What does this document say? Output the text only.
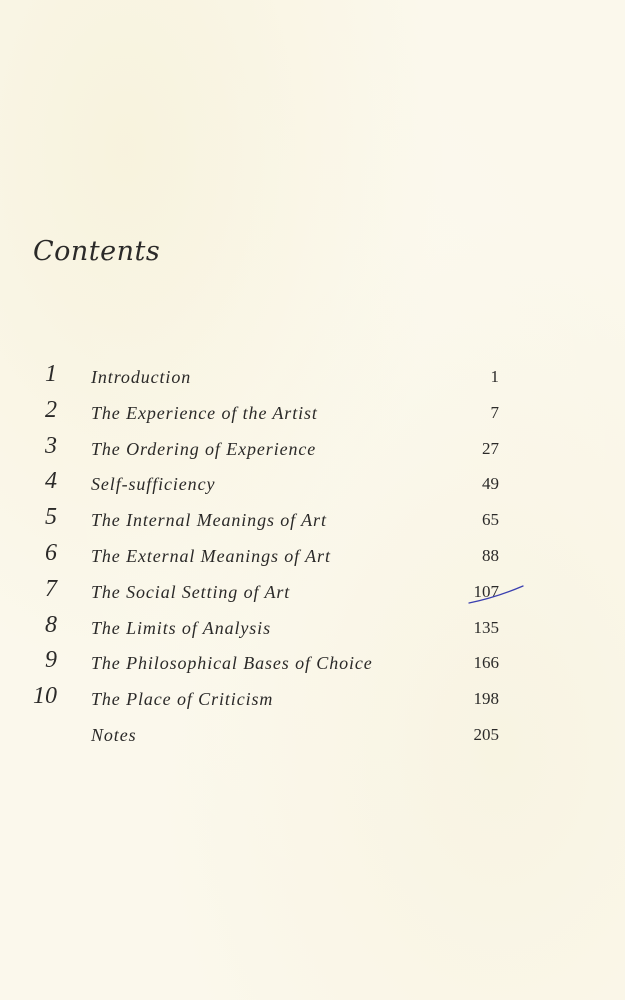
Contents
1 Introduction	1
2 The Experience of the Artist	7
3 The Ordering of Experience	27
4 Self-sufficiency	49
5 The Internal Meanings of Art	65
6 The External Meanings of Art	88
7 The Social Setting of Art	107
8 The Limits of Analysis	135
9 The Philosophical Bases of Choice	166
10 The Place of Criticism	198
Notes	205
